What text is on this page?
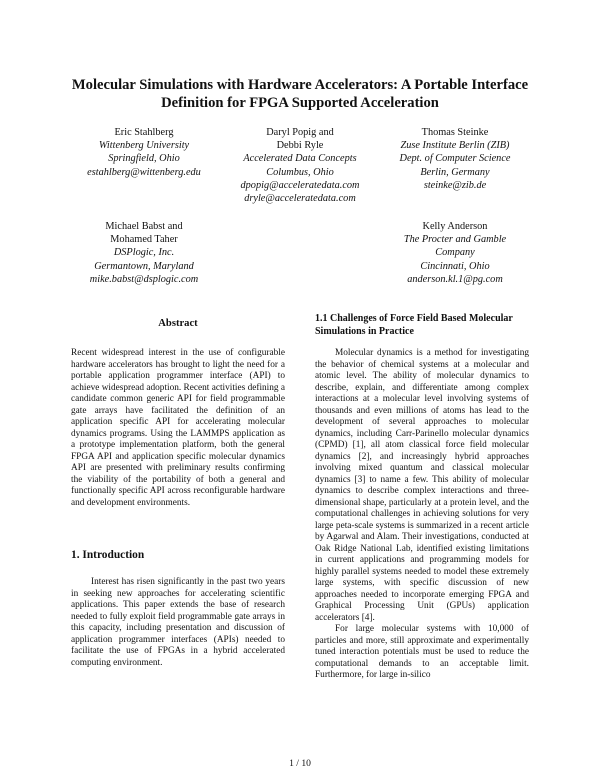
Molecular Simulations with Hardware Accelerators: A Portable Interface Definition for FPGA Supported Acceleration
Eric Stahlberg
Wittenberg University
Springfield, Ohio
estahlberg@wittenberg.edu
Daryl Popig and
Debbi Ryle
Accelerated Data Concepts
Columbus, Ohio
dpopig@acceleratedata.com
dryle@acceleratedata.com
Thomas Steinke
Zuse Institute Berlin (ZIB)
Dept. of Computer Science
Berlin, Germany
steinke@zib.de
Michael Babst and
Mohamed Taher
DSPlogic, Inc.
Germantown, Maryland
mike.babst@dsplogic.com
Kelly Anderson
The Procter and Gamble
Company
Cincinnati, Ohio
anderson.kl.1@pg.com
Abstract

Recent widespread interest in the use of configurable hardware accelerators has brought to light the need for a portable application programmer interface (API) to achieve widespread adoption. Recent activities defining a candidate common generic API for field programmable gate arrays have facilitated the definition of an application specific API for accelerating molecular dynamics programs. Using the LAMMPS application as a prototype implementation platform, both the general FPGA API and application specific molecular dynamics API are presented with preliminary results confirming the viability of the portability of both a general and functionally specific API across reconfigurable hardware and development environments.

1. Introduction

Interest has risen significantly in the past two years in seeking new approaches for accelerating scientific applications. This paper extends the base of research needed to fully exploit field programmable gate arrays in this capacity, including presentation and discussion of application programmer interfaces (APIs) needed to facilitate the use of FPGAs in a hybrid accelerated computing environment.

1.1 Challenges of Force Field Based Molecular Simulations in Practice

Molecular dynamics is a method for investigating the behavior of chemical systems at a molecular and atomic level. The ability of molecular dynamics to describe, explain, and differentiate among complex interactions at a molecular level involving systems of thousands and even millions of atoms has lead to the development of several approaches to molecular dynamics, including Carr-Parinello molecular dynamics (CPMD) [1], all atom classical force field molecular dynamics [2], and increasingly hybrid approaches involving mixed quantum and classical molecular dynamics [3] to name a few. This ability of molecular dynamics to describe complex interactions and three-dimensional shape, particularly at a protein level, and the computational challenges in achieving solutions for very large peta-scale systems is summarized in a recent article by Agarwal and Alam. Their investigations, conducted at Oak Ridge National Lab, identified existing limitations in current applications and programming models for highly parallel systems needed to model these extremely large systems, with specific discussion of new approaches needed to incorporate emerging FPGA and Graphical Processing Unit (GPUs) application accelerators [4].

For large molecular systems with 10,000 of particles and more, still approximate and experimentally tuned interaction potentials must be used to reduce the computational demands to an acceptable limit. Furthermore, for large in-silico

1 / 10
